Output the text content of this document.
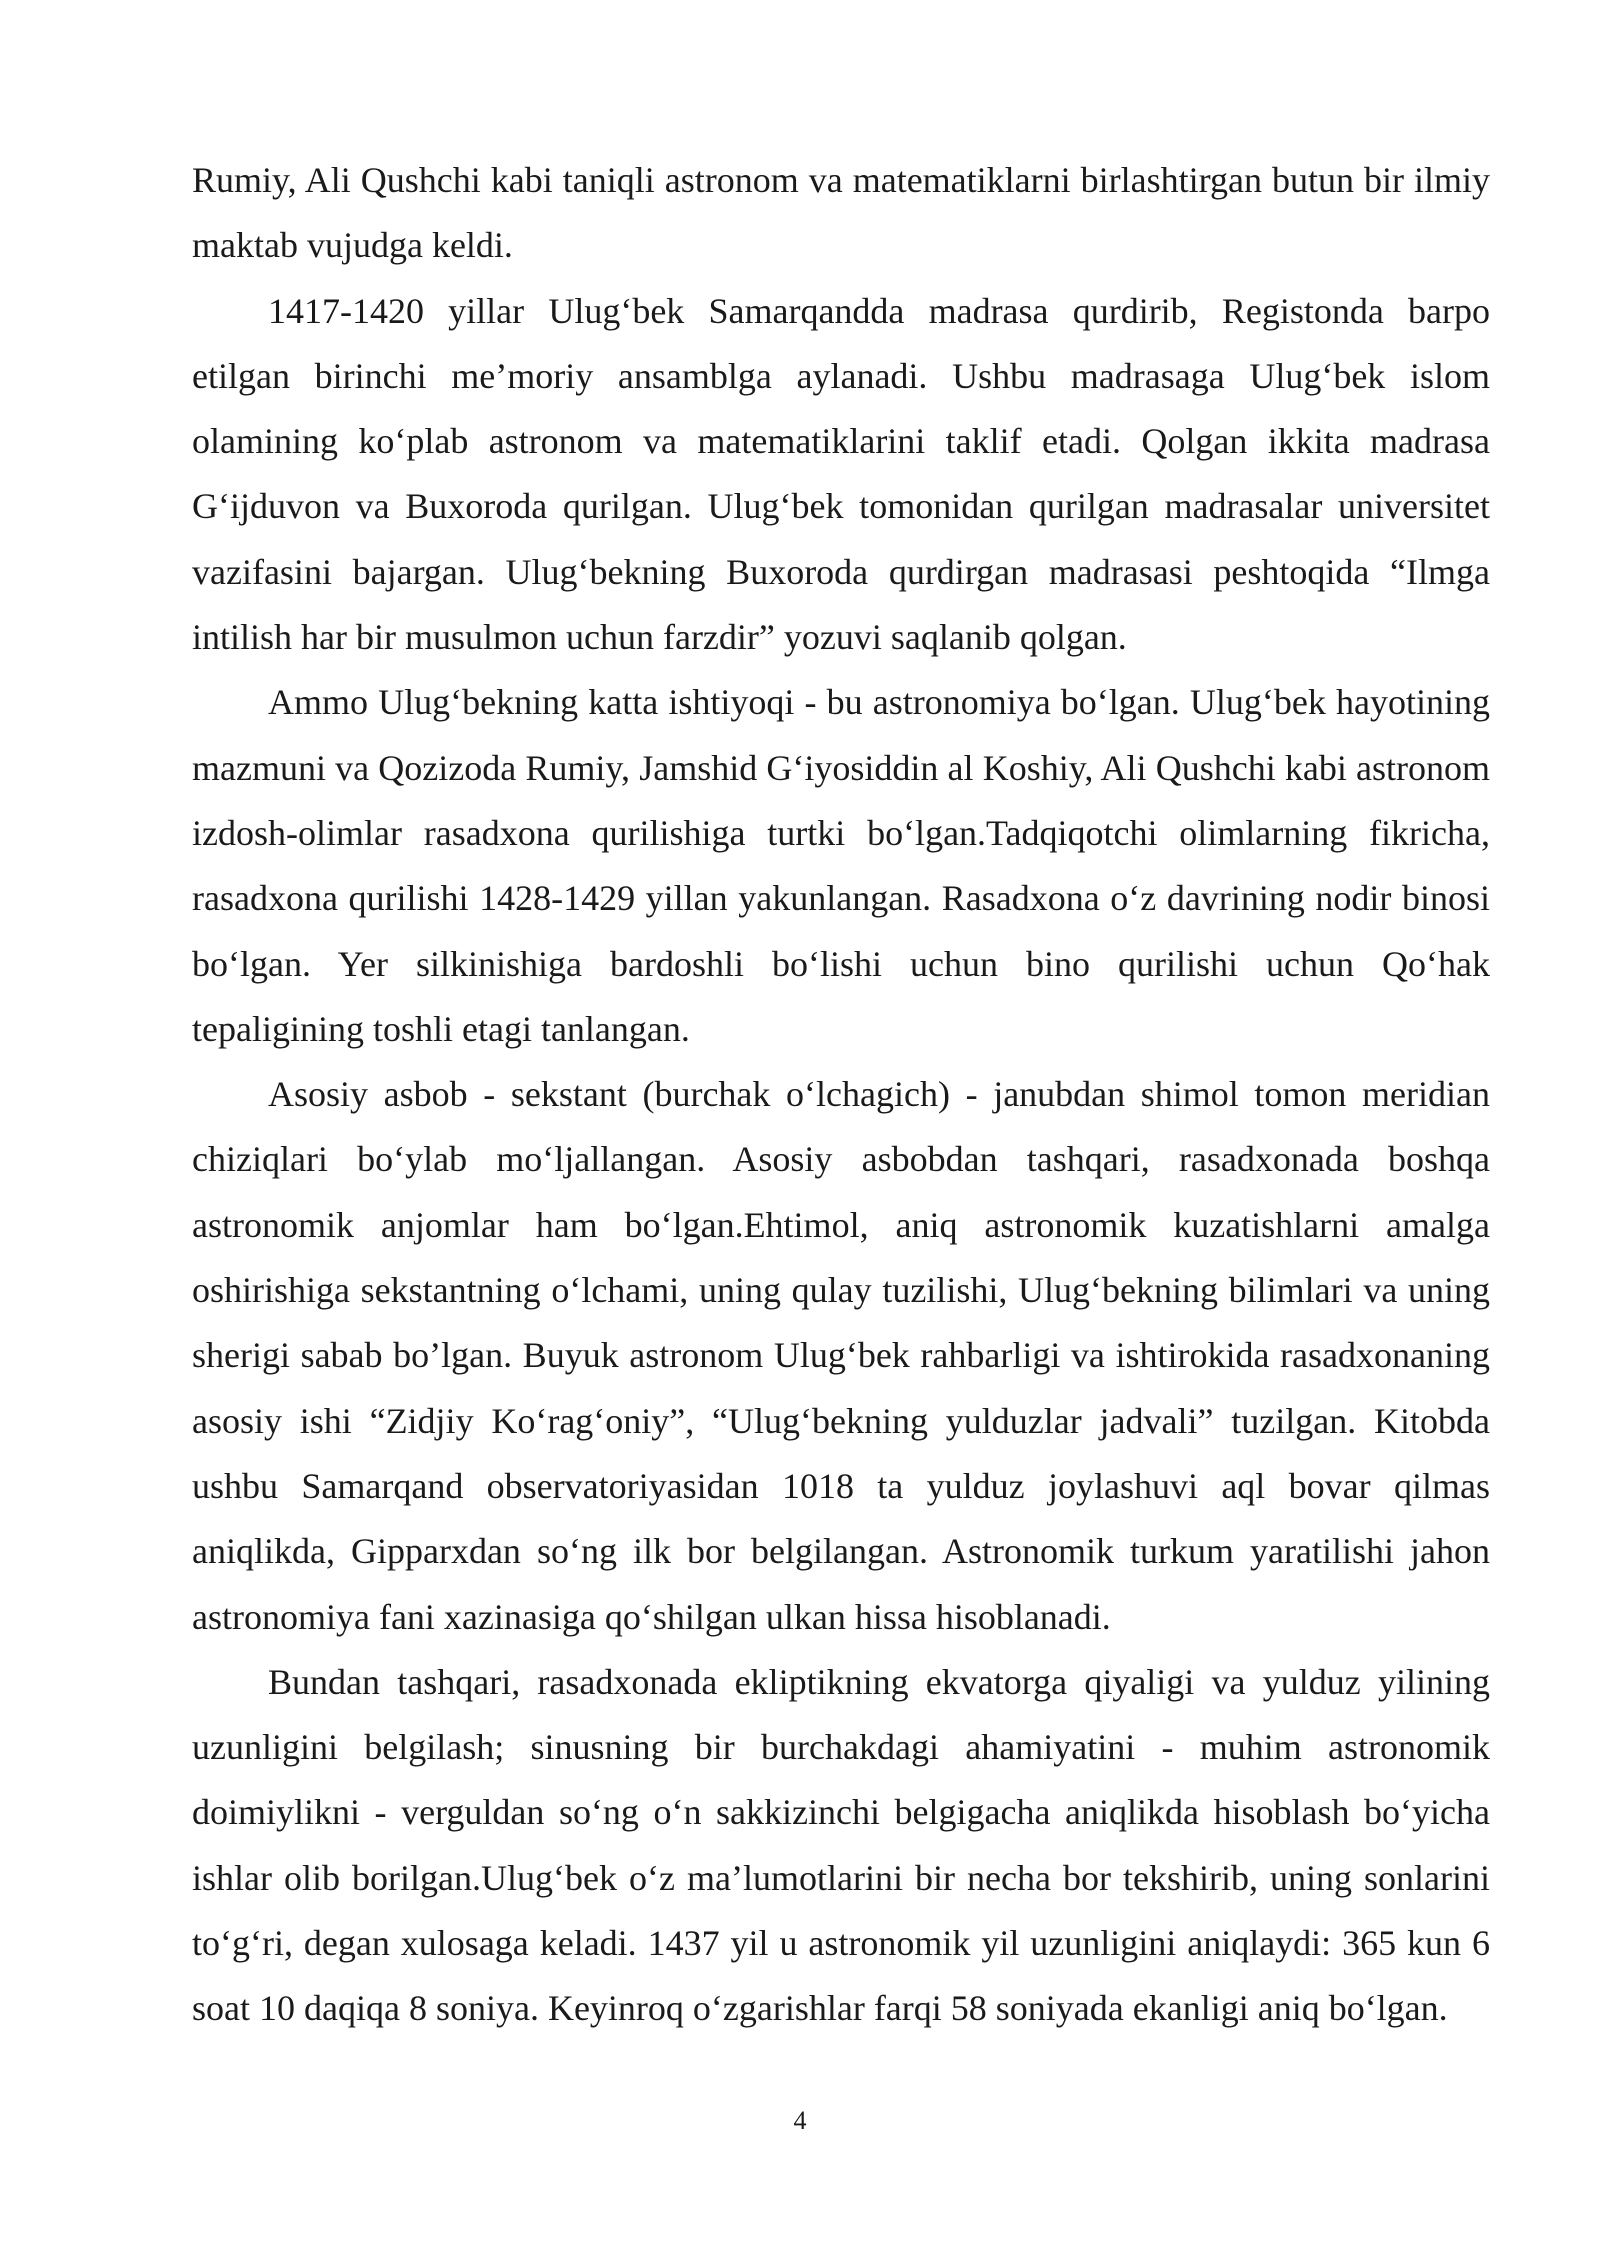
Rumiy, Ali Qushchi kabi taniqli astronom va matematiklarni birlashtirgan butun bir ilmiy maktab vujudga keldi.

1417-1420 yillar Ulug‘bek Samarqandda madrasa qurdirib, Registonda barpo etilgan birinchi me’moriy ansamblga aylanadi. Ushbu madrasaga Ulug‘bek islom olamining ko‘plab astronom va matematiklarini taklif etadi. Qolgan ikkita madrasa G‘ijduvon va Buxoroda qurilgan. Ulug‘bek tomonidan qurilgan madrasalar universitet vazifasini bajargan. Ulug‘bekning Buxoroda qurdirgan madrasasi peshtoqida “Ilmga intilish har bir musulmon uchun farzdir” yozuvi saqlanib qolgan.

Ammo Ulug‘bekning katta ishtiyoqi - bu astronomiya bo‘lgan. Ulug‘bek hayotining mazmuni va Qozizoda Rumiy, Jamshid G‘iyosiddin al Koshiy, Ali Qushchi kabi astronom izdosh-olimlar rasadxona qurilishiga turtki bo‘lgan.Tadqiqotchi olimlarning fikricha, rasadxona qurilishi 1428-1429 yillan yakunlangan. Rasadxona o‘z davrining nodir binosi bo‘lgan. Yer silkinishiga bardoshli bo‘lishi uchun bino qurilishi uchun Qo‘hak tepaligining toshli etagi tanlangan.

Asosiy asbob - sekstant (burchak o‘lchagich) - janubdan shimol tomon meridian chiziqlari bo‘ylab mo‘ljallangan. Asosiy asbobdan tashqari, rasadxonada boshqa astronomik anjomlar ham bo‘lgan.Ehtimol, aniq astronomik kuzatishlarni amalga oshirishiga sekstantning o‘lchami, uning qulay tuzilishi, Ulug‘bekning bilimlari va uning sherigi sabab bo’lgan. Buyuk astronom Ulug‘bek rahbarligi va ishtirokida rasadxonaning asosiy ishi “Zidjiy Ko‘rag‘oniy”, “Ulug‘bekning yulduzlar jadvali” tuzilgan. Kitobda ushbu Samarqand observatoriyasidan 1018 ta yulduz joylashuvi aql bovar qilmas aniqlikda, Gipparxdan so‘ng ilk bor belgilangan. Astronomik turkum yaratilishi jahon astronomiya fani xazinasiga qo‘shilgan ulkan hissa hisoblanadi.

Bundan tashqari, rasadxonada ekliptikning ekvatorga qiyaligi va yulduz yilining uzunligini belgilash; sinusning bir burchakdagi ahamiyatini - muhim astronomik doimiylikni - verguldan so‘ng o‘n sakkizinchi belgigacha aniqlikda hisoblash bo‘yicha ishlar olib borilgan.Ulug‘bek o‘z ma’lumotlarini bir necha bor tekshirib, uning sonlarini to‘g‘ri, degan xulosaga keladi. 1437 yil u astronomik yil uzunligini aniqlaydi: 365 kun 6 soat 10 daqiqa 8 soniya. Keyinroq o‘zgarishlar farqi 58 soniyada ekanligi aniq bo‘lgan.

4
